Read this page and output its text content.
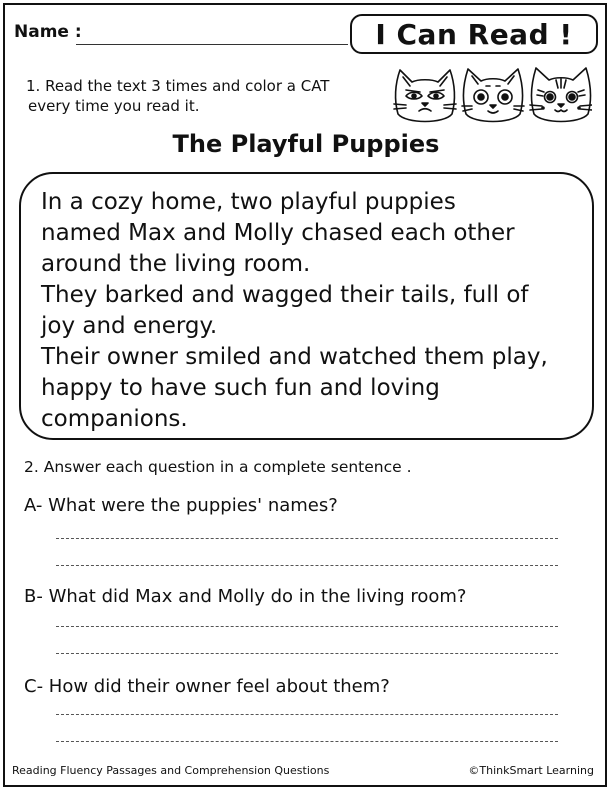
Name :	I Can Read !
1. Read the text 3 times and color a CAT
every time you read it.
The Playful Puppies

In a cozy home, two playful puppies

named Max and Molly chased each other

around the living room.

They barked and wagged their tails, full of

joy and energy.

Their owner smiled and watched them play,

happy to have such fun and loving

companions.

2. Answer each question in a complete sentence .
A- What were the puppies' names?
B- What did Max and Molly do in the living room?
C- How did their owner feel about them?
Reading Fluency Passages and Comprehension Questions	©ThinkSmart Learning
